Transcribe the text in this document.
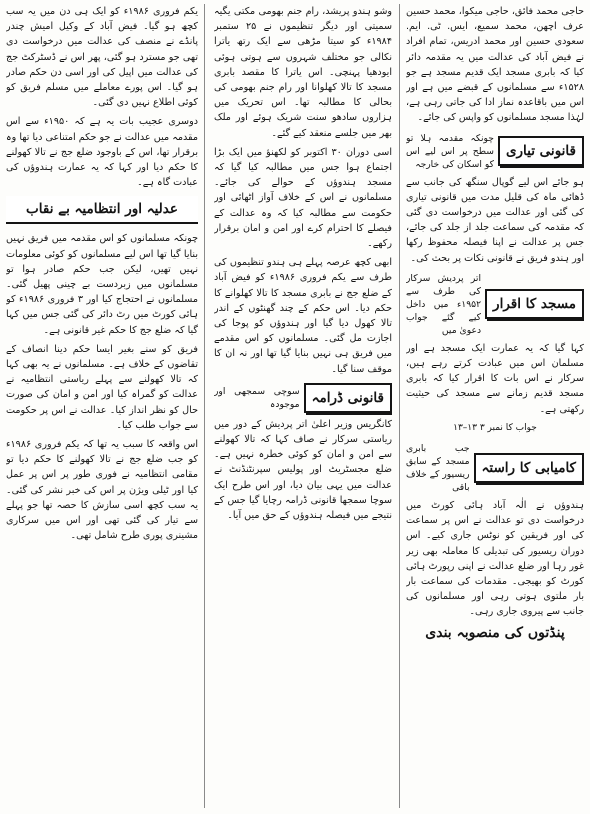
حاجی محمد فائق، حاجی میکوا، محمد حسین عرف اچھن، محمد سمیع، ایس. ٹی. ایم. سعودی حسین اور محمد ادریس، تمام افراد نے فیض آباد کی عدالت میں یہ مقدمہ دائر کیا کہ بابری مسجد ایک قدیم مسجد ہے جو ۱۵۲۸ء سے مسلمانوں کے قبضے میں ہے اور اس میں باقاعدہ نماز ادا کی جاتی رہی ہے، لہٰذا مسجد مسلمانوں کو واپس کی جائے۔

قانونی تیاری
چونکہ مقدمہ ہلا تو سطح پر اس لیے اس کو اسکان کی خارجہ

ہو جائے اس لیے گوپال سنگھ کی جانب سے ڈھائی ماہ کی قلیل مدت میں قانونی تیاری کی گئی اور عدالت میں درخواست دی گئی کہ مقدمہ کی سماعت جلد از جلد کی جائے، جس پر عدالت نے اپنا فیصلہ محفوظ رکھا اور ہندو فریق نے قانونی نکات پر بحث کی۔

مسجد کا اقرار
اتر پردیش سرکار کی طرف سے ۱۹۵۲ء میں داخل کیے گئے جواب دعویٰ میں

کہا گیا کہ یہ عمارت ایک مسجد ہے اور مسلمان اس میں عبادت کرتے رہے ہیں، سرکار نے اس بات کا اقرار کیا کہ بابری مسجد قدیم زمانے سے مسجد کی حیثیت رکھتی ہے۔

جواب کا نمبر ۳ ۱۳–۱۳
کامیابی کا راستہ
جب بابری مسجد کے سابق ریسیور کے خلاف باقی

ہندوؤں نے الٰہ آباد ہائی کورٹ میں درخواست دی تو عدالت نے اس پر سماعت کی اور فریقین کو نوٹس جاری کیے۔ اس دوران ریسیور کی تبدیلی کا معاملہ بھی زیر غور رہا اور ضلع عدالت نے اپنی رپورٹ ہائی کورٹ کو بھیجی۔ مقدمات کی سماعت بار بار ملتوی ہوتی رہی اور مسلمانوں کی جانب سے پیروی جاری رہی۔

پنڈتوں کی منصوبہ بندی

وشو ہندو پریشد، رام جنم بھومی مکتی یگیہ سمیتی اور دیگر تنظیموں نے ۲۵ ستمبر ۱۹۸۴ء کو سیتا مڑھی سے ایک رتھ یاترا نکالی جو مختلف شہروں سے ہوتی ہوئی ایودھیا پہنچی۔ اس یاترا کا مقصد بابری مسجد کا تالا کھلوانا اور رام جنم بھومی کی بحالی کا مطالبہ تھا۔ اس تحریک میں ہزاروں سادھو سنت شریک ہوئے اور ملک بھر میں جلسے منعقد کیے گئے۔

اسی دوران ۳۰ اکتوبر کو لکھنؤ میں ایک بڑا اجتماع ہوا جس میں مطالبہ کیا گیا کہ مسجد ہندوؤں کے حوالے کی جائے۔ مسلمانوں نے اس کے خلاف آواز اٹھائی اور حکومت سے مطالبہ کیا کہ وہ عدالت کے فیصلے کا احترام کرے اور امن و امان برقرار رکھے۔

ابھی کچھ عرصہ پہلے ہی ہندو تنظیموں کی طرف سے یکم فروری ۱۹۸۶ء کو فیض آباد کے ضلع جج نے بابری مسجد کا تالا کھلوانے کا حکم دیا۔ اس حکم کے چند گھنٹوں کے اندر تالا کھول دیا گیا اور ہندوؤں کو پوجا کی اجازت مل گئی۔ مسلمانوں کو اس مقدمے میں فریق ہی نہیں بنایا گیا تھا اور نہ ان کا موقف سنا گیا۔

قانونی ڈرامہ
سوچی سمجھی اور موجودہ

کانگریس وزیر اعلیٰ اتر پردیش کے دور میں ریاستی سرکار نے صاف کہا کہ تالا کھولنے سے امن و امان کو کوئی خطرہ نہیں ہے۔ ضلع مجسٹریٹ اور پولیس سپرنٹنڈنٹ نے عدالت میں یہی بیان دیا، اور اس طرح ایک سوچا سمجھا قانونی ڈرامہ رچایا گیا جس کے نتیجے میں فیصلہ ہندوؤں کے حق میں آیا۔

یکم فروری ۱۹۸۶ء کو ایک ہی دن میں یہ سب کچھ ہو گیا۔ فیض آباد کے وکیل امیش چندر پانڈے نے منصف کی عدالت میں درخواست دی تھی جو مسترد ہو گئی، پھر اس نے ڈسٹرکٹ جج کی عدالت میں اپیل کی اور اسی دن حکم صادر ہو گیا۔ اس پورے معاملے میں مسلم فریق کو کوئی اطلاع نہیں دی گئی۔

دوسری عجیب بات یہ ہے کہ ۱۹۵۰ء سے اس مقدمہ میں عدالت نے جو حکم امتناعی دیا تھا وہ برقرار تھا، اس کے باوجود ضلع جج نے تالا کھولنے کا حکم دیا اور کہا کہ یہ عمارت ہندوؤں کی عبادت گاہ ہے۔

عدلیہ اور انتظامیہ بے نقاب

چونکہ مسلمانوں کو اس مقدمہ میں فریق نہیں بنایا گیا تھا اس لیے مسلمانوں کو کوئی معلومات نہیں تھیں، لیکن جب حکم صادر ہوا تو مسلمانوں میں زبردست بے چینی پھیل گئی۔ مسلمانوں نے احتجاج کیا اور ۳ فروری ۱۹۸۶ء کو ہائی کورٹ میں رٹ دائر کی گئی جس میں کہا گیا کہ ضلع جج کا حکم غیر قانونی ہے۔

فریق کو سنے بغیر ایسا حکم دینا انصاف کے تقاضوں کے خلاف ہے۔ مسلمانوں نے یہ بھی کہا کہ تالا کھولنے سے پہلے ریاستی انتظامیہ نے عدالت کو گمراہ کیا اور امن و امان کی صورت حال کو نظر انداز کیا۔ عدالت نے اس پر حکومت سے جواب طلب کیا۔

اس واقعہ کا سبب یہ تھا کہ یکم فروری ۱۹۸۶ء کو جب ضلع جج نے تالا کھولنے کا حکم دیا تو مقامی انتظامیہ نے فوری طور پر اس پر عمل کیا اور ٹیلی ویژن پر اس کی خبر نشر کی گئی۔ یہ سب کچھ اسی سازش کا حصہ تھا جو پہلے سے تیار کی گئی تھی اور اس میں سرکاری مشینری پوری طرح شامل تھی۔
